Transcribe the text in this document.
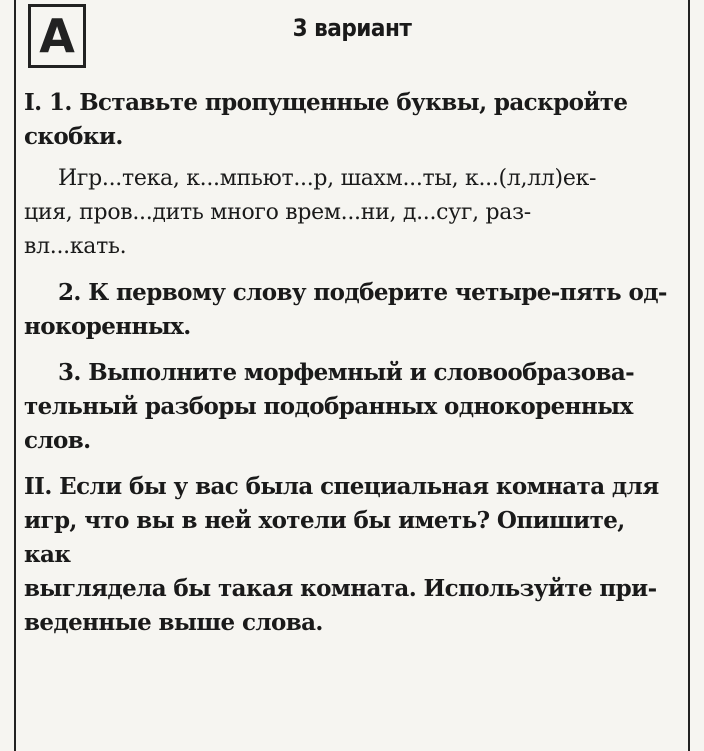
А	3 вариант

I. 1. Вставьте пропущенные буквы, раскройте
скобки.

Игр...тека, к...мпьют...р, шахм...ты, к...(л,лл)ек-
ция, пров...дить много врем...ни, д...суг, раз-
вл...кать.

2. К первому слову подберите четыре-пять од-
нокоренных.

3. Выполните морфемный и словообразова-
тельный разборы подобранных однокоренных
слов.

II. Если бы у вас была специальная комната для
игр, что вы в ней хотели бы иметь? Опишите, как
выглядела бы такая комната. Используйте при-
веденные выше слова.
